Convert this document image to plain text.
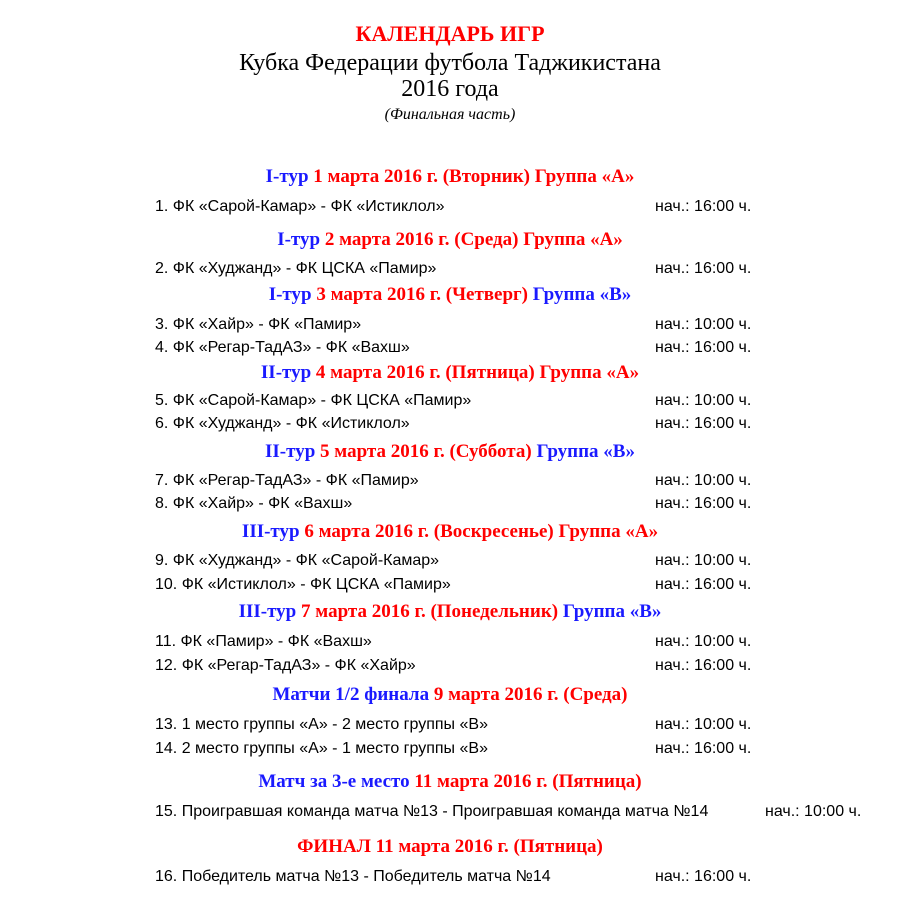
КАЛЕНДАРЬ ИГР
Кубка Федерации футбола Таджикистана
2016 года
(Финальная часть)
I-тур 1 марта 2016 г. (Вторник) Группа «А»
1. ФК «Сарой-Камар» - ФК «Истиклол»	нач.: 16:00 ч.
I-тур 2 марта 2016 г. (Среда) Группа «А»
2. ФК «Худжанд» - ФК ЦСКА «Памир»	нач.: 16:00 ч.
I-тур 3 марта 2016 г. (Четверг) Группа «В»
3. ФК «Хайр» - ФК «Памир»	нач.: 10:00 ч.
4. ФК «Регар-ТадАЗ» - ФК «Вахш»	нач.: 16:00 ч.
II-тур 4 марта 2016 г. (Пятница) Группа «А»
5. ФК «Сарой-Камар» - ФК ЦСКА «Памир»	нач.: 10:00 ч.
6. ФК «Худжанд» - ФК «Истиклол»	нач.: 16:00 ч.
II-тур 5 марта 2016 г. (Суббота) Группа «В»
7. ФК «Регар-ТадАЗ» - ФК «Памир»	нач.: 10:00 ч.
8. ФК «Хайр» - ФК «Вахш»	нач.: 16:00 ч.
III-тур 6 марта 2016 г. (Воскресенье) Группа «А»
9. ФК «Худжанд» - ФК «Сарой-Камар»	нач.: 10:00 ч.
10. ФК «Истиклол» - ФК ЦСКА «Памир»	нач.: 16:00 ч.
III-тур 7 марта 2016 г. (Понедельник) Группа «В»
11. ФК «Памир» - ФК «Вахш»	нач.: 10:00 ч.
12. ФК «Регар-ТадАЗ» - ФК «Хайр»	нач.: 16:00 ч.
Матчи 1/2 финала 9 марта 2016 г. (Среда)
13. 1 место группы «А» - 2 место группы «В»	нач.: 10:00 ч.
14. 2 место группы «А» - 1 место группы «В»	нач.: 16:00 ч.
Матч за 3-е место 11 марта 2016 г. (Пятница)
15. Проигравшая команда матча №13 - Проигравшая команда матча №14	нач.: 10:00 ч.
ФИНАЛ 11 марта 2016 г. (Пятница)
16. Победитель матча №13 - Победитель матча №14	нач.: 16:00 ч.
